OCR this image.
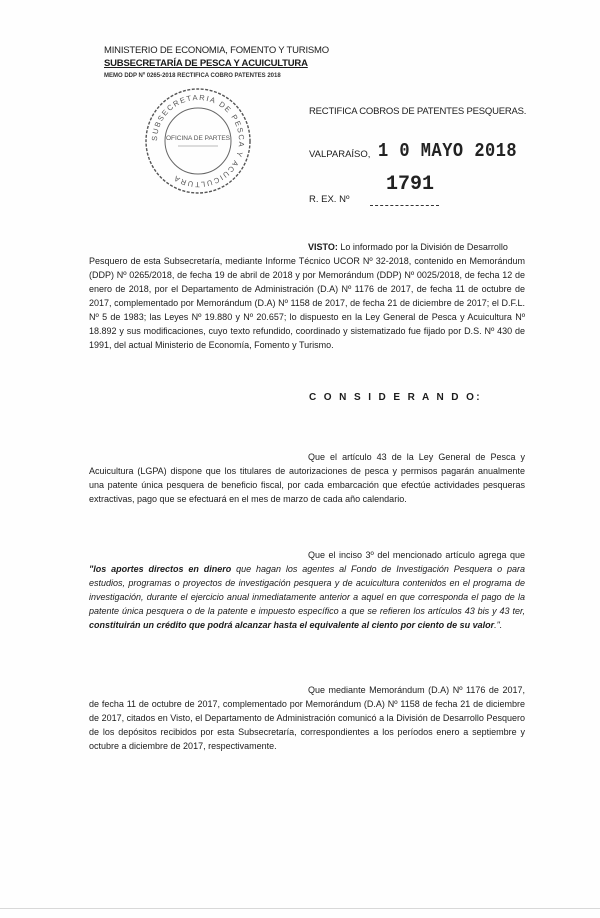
MINISTERIO DE ECONOMIA, FOMENTO Y TURISMO
SUBSECRETARÍA DE PESCA Y ACUICULTURA
MEMO DDP Nº 0265-2018 RECTIFICA COBRO PATENTES 2018
SUBSECRETARIA DE PESCA Y ACUICULTURA
OFICINA DE PARTES
RECTIFICA COBROS DE PATENTES PESQUERAS.
VALPARAÍSO, 1 0 MAYO 2018
1791
R. EX. Nº
VISTO: Lo informado por la División de Desarrollo
Pesquero de esta Subsecretaría, mediante Informe Técnico UCOR Nº 32-2018, contenido en Memorándum (DDP) Nº 0265/2018, de fecha 19 de abril de 2018 y por Memorándum (DDP) Nº 0025/2018, de fecha 12 de enero de 2018, por el Departamento de Administración (D.A) Nº 1176 de 2017, de fecha 11 de octubre de 2017, complementado por Memorándum (D.A) Nº 1158 de 2017, de fecha 21 de diciembre de 2017; el D.F.L. Nº 5 de 1983; las Leyes Nº 19.880 y Nº 20.657; lo dispuesto en la Ley General de Pesca y Acuicultura Nº 18.892 y sus modificaciones, cuyo texto refundido, coordinado y sistematizado fue fijado por D.S. Nº 430 de 1991, del actual Ministerio de Economía, Fomento y Turismo.
C O N S I D E R A N D O:
Que el artículo 43 de la Ley General de Pesca y Acuicultura (LGPA) dispone que los titulares de autorizaciones de pesca y permisos pagarán anualmente una patente única pesquera de beneficio fiscal, por cada embarcación que efectúe actividades pesqueras extractivas, pago que se efectuará en el mes de marzo de cada año calendario.
Que el inciso 3º del mencionado artículo agrega que "los aportes directos en dinero que hagan los agentes al Fondo de Investigación Pesquera o para estudios, programas o proyectos de investigación pesquera y de acuicultura contenidos en el programa de investigación, durante el ejercicio anual inmediatamente anterior a aquel en que corresponda el pago de la patente única pesquera o de la patente e impuesto específico a que se refieren los artículos 43 bis y 43 ter, constituirán un crédito que podrá alcanzar hasta el equivalente al ciento por ciento de su valor.".
Que mediante Memorándum (D.A) Nº 1176 de 2017, de fecha 11 de octubre de 2017, complementado por Memorándum (D.A) Nº 1158 de fecha 21 de diciembre de 2017, citados en Visto, el Departamento de Administración comunicó a la División de Desarrollo Pesquero de los depósitos recibidos por esta Subsecretaría, correspondientes a los períodos enero a septiembre y octubre a diciembre de 2017, respectivamente.
